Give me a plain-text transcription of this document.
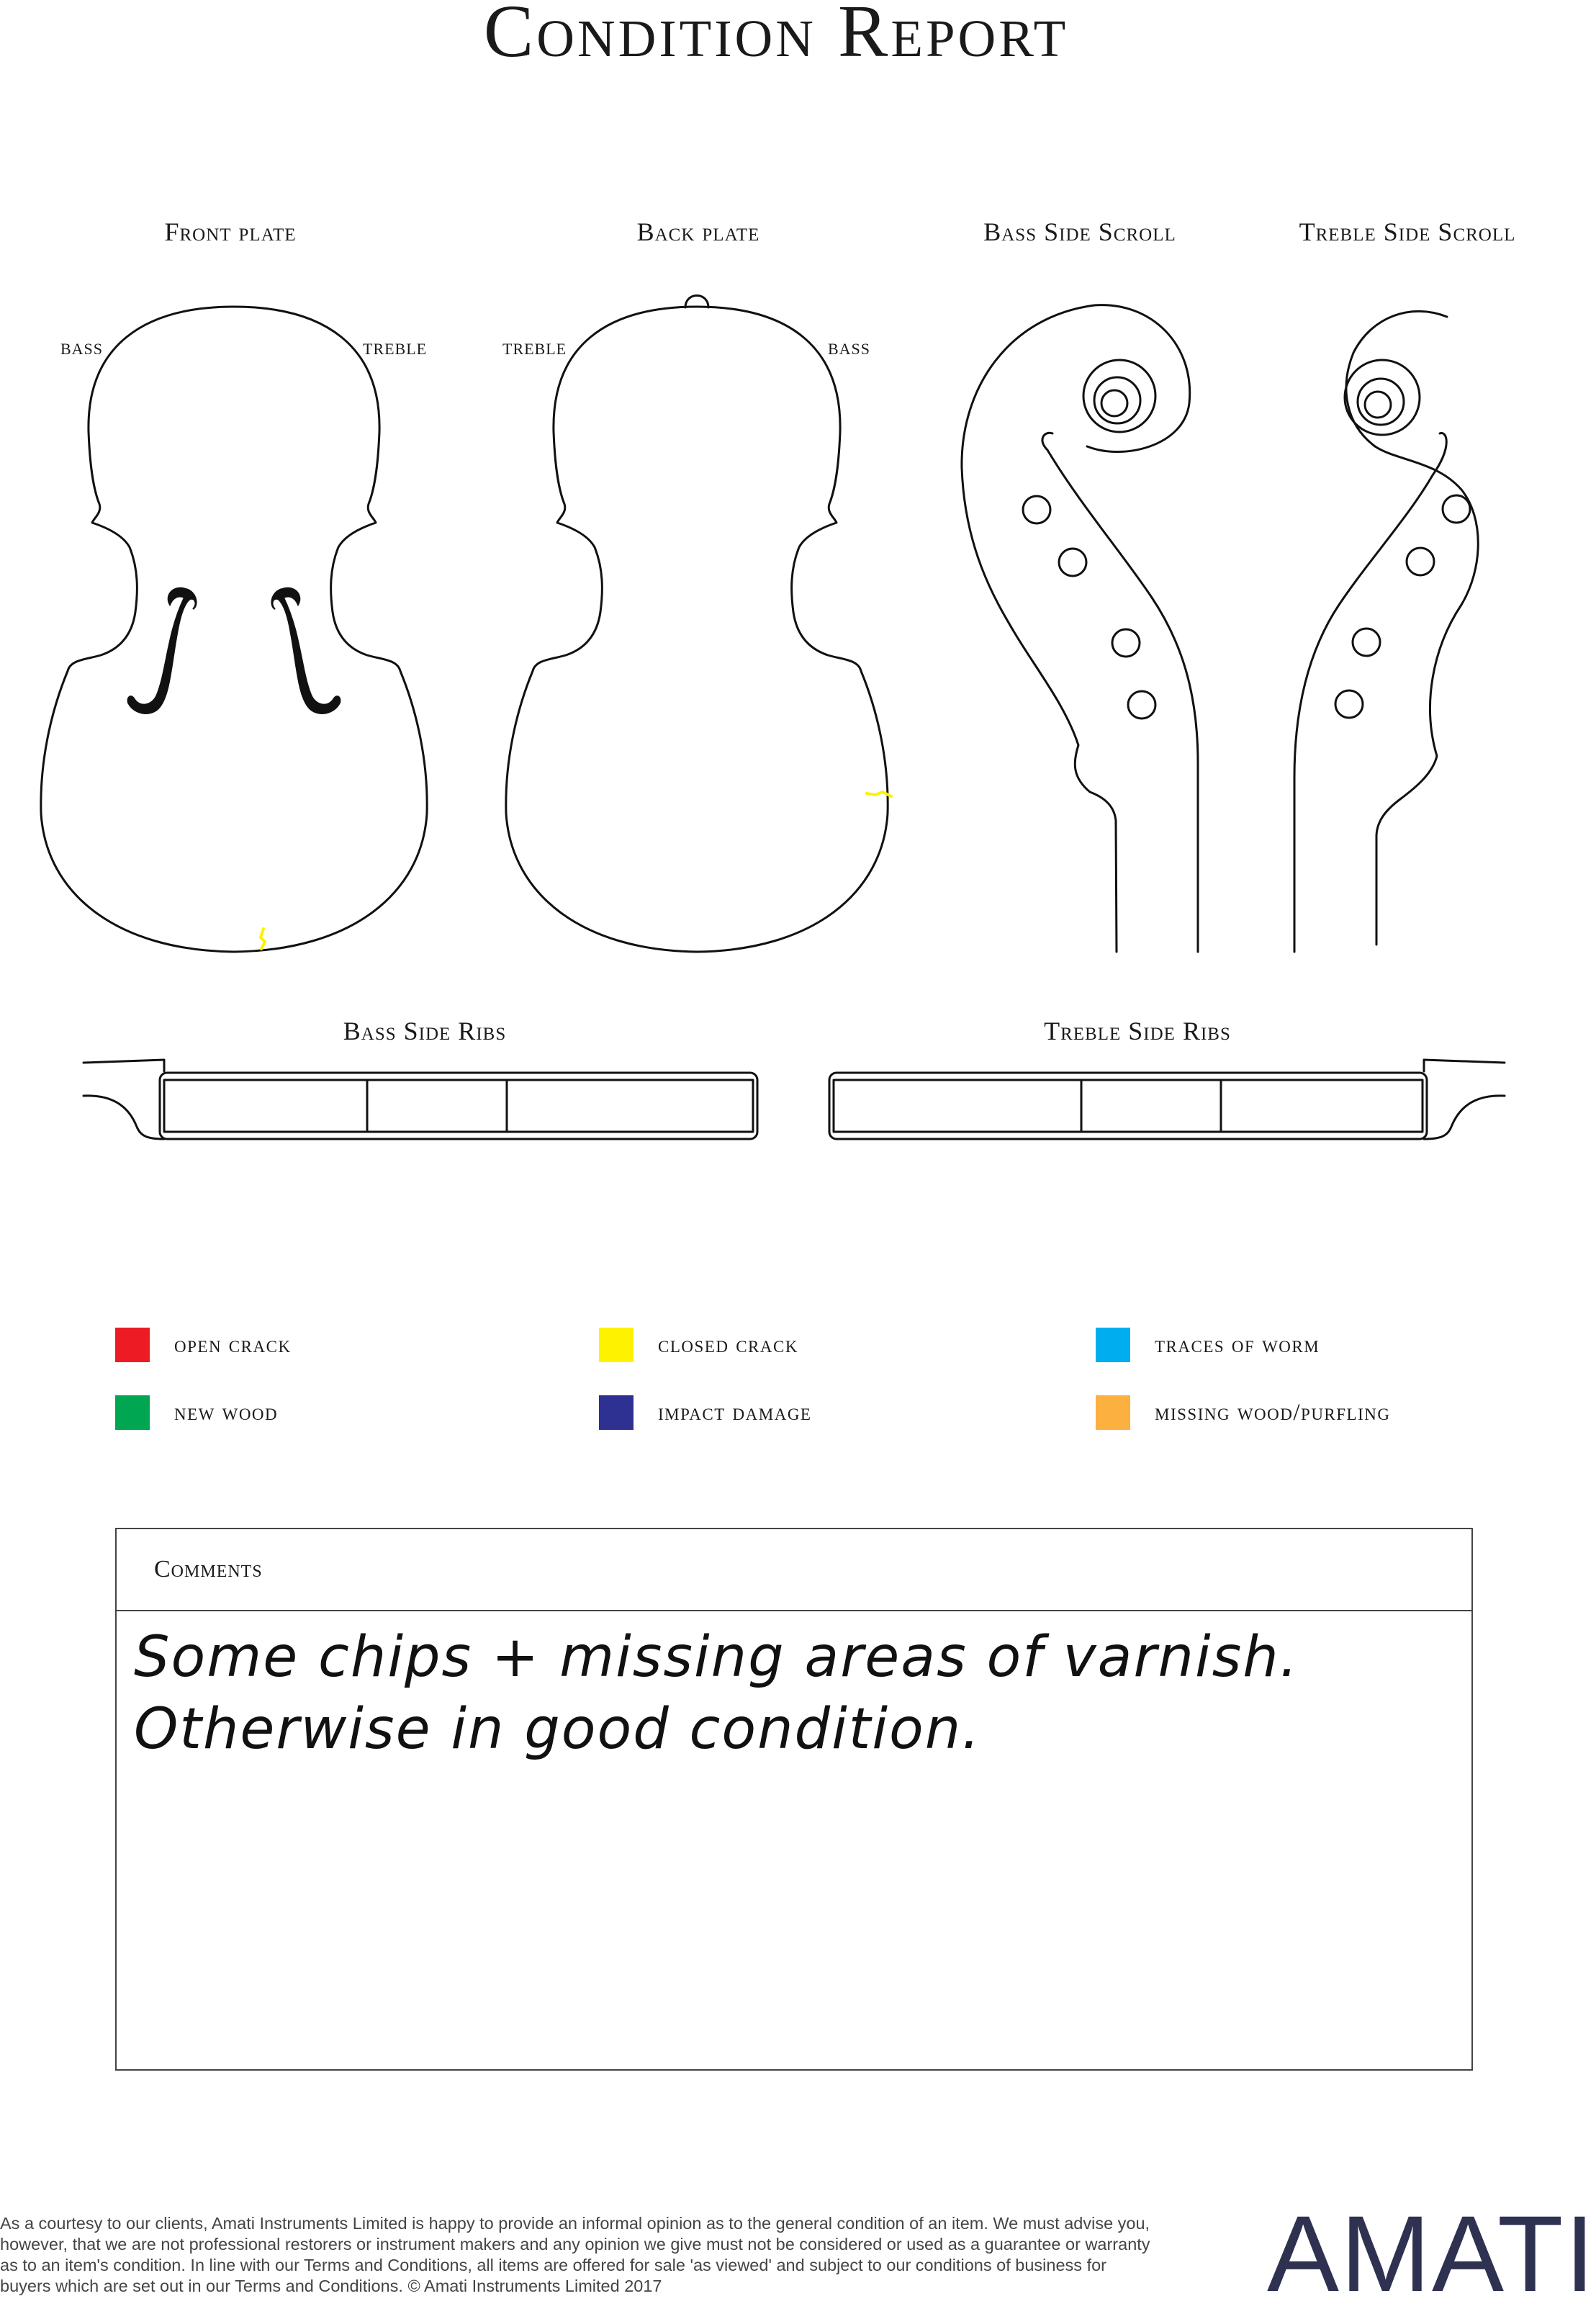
Condition Report
Front plate	Back plate	Bass Side Scroll	Treble Side Scroll
Bass Side Ribs	Treble Side Ribs
BASS	TREBLE	TREBLE	BASS
open crack	closed crack	traces of worm
new wood	impact damage	missing wood/purfling
Comments
Some chips + missing areas of varnish.
Otherwise in good condition.
As a courtesy to our clients, Amati Instruments Limited is happy to provide an informal opinion as to the general condition of an item. We must advise you, however, that we are not professional restorers or instrument makers and any opinion we give must not be considered or used as a guarantee or warranty as to an item's condition. In line with our Terms and Conditions, all items are offered for sale 'as viewed' and subject to our conditions of business for buyers which are set out in our Terms and Conditions. © Amati Instruments Limited 2017	AMATI
